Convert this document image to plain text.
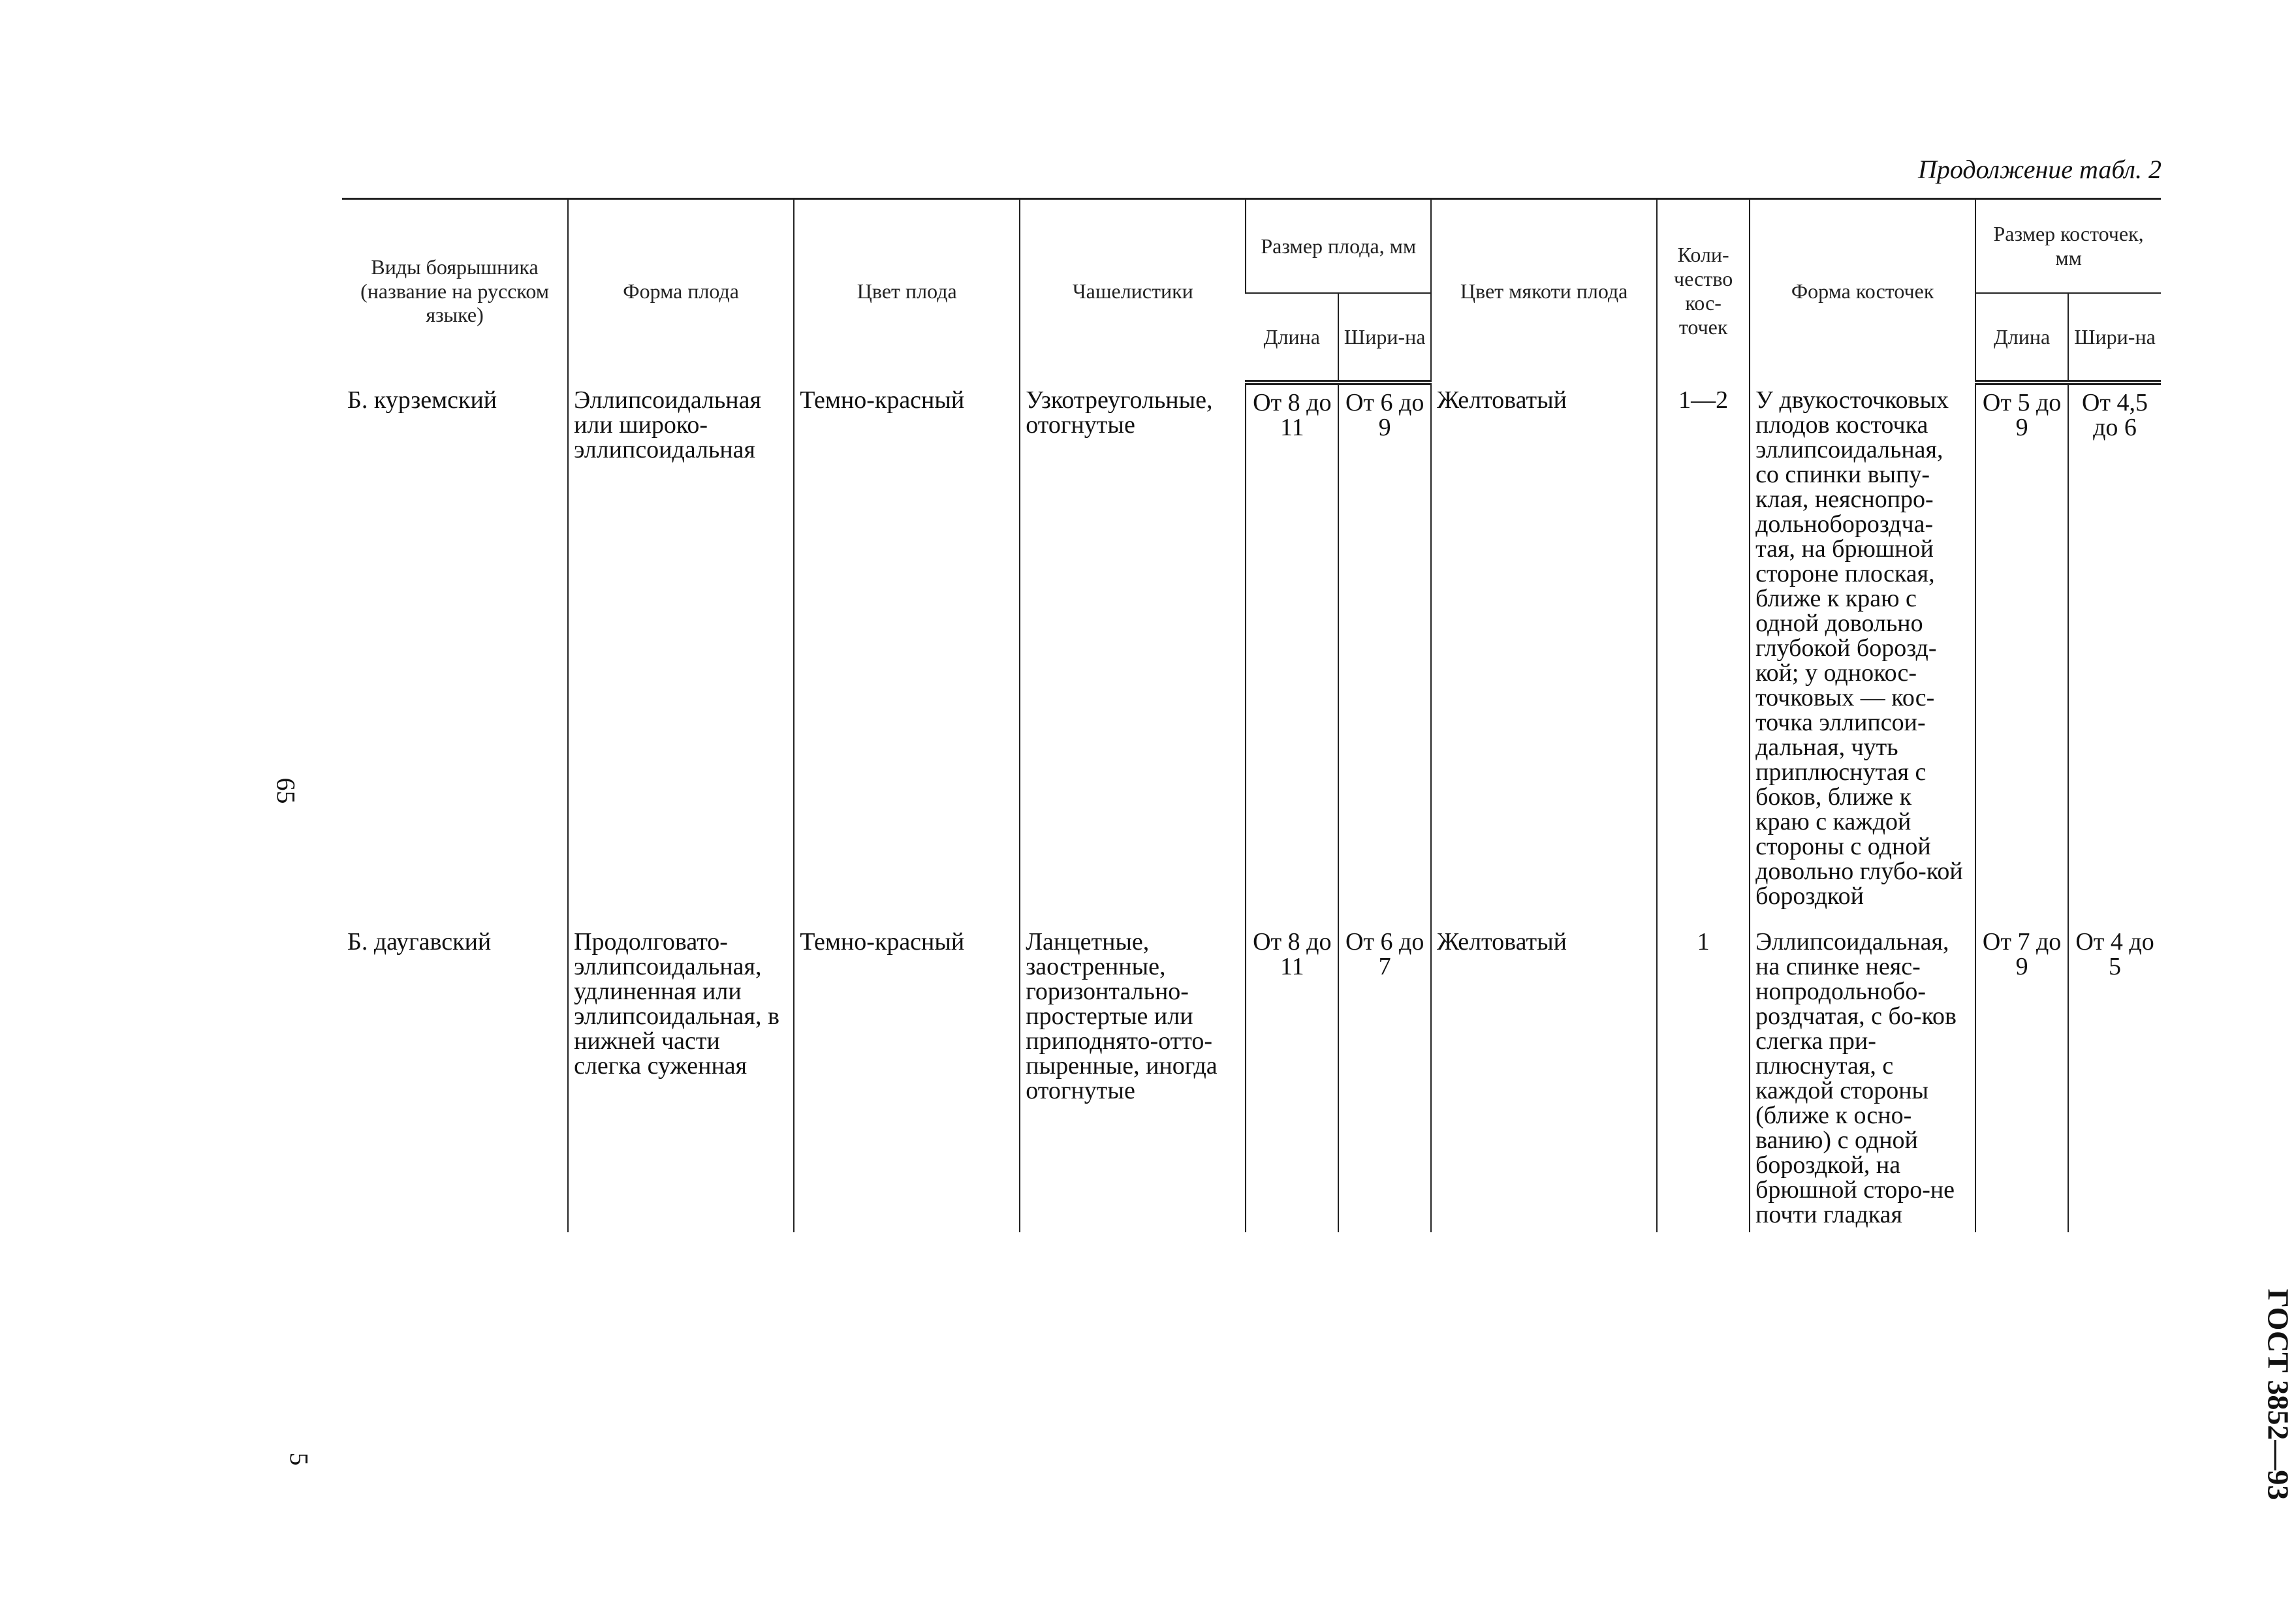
Продолжение табл. 2
65
5	ГОСТ 3852—93
Виды боярышника (название на русском языке)	Форма плода	Цвет плода	Чашелистики	Размер плода, мм		Цвет мякоти плода	Коли-чество кос-точек	Форма косточек	Размер косточек, мм	
				Длина	Шири-на				Длина	Шири-на
Б. курземский	Эллипсоидальная или широко-эллипсоидальная	Темно-красный	Узкотреугольные, отогнутые	От 8 до 11	От 6 до 9	Желтоватый	1—2	У двукосточковых плодов косточка эллипсоидальная, со спинки выпу-клая, неяснопро-дольнобороздча-тая, на брюшной стороне плоская, ближе к краю с одной довольно глубокой борозд-кой; у однокос-точковых — кос-точка эллипсои-дальная, чуть приплюснутая с боков, ближе к краю с каждой стороны с одной довольно глубо-кой бороздкой	От 5 до 9	От 4,5 до 6
Б. даугавский	Продолговато-эллипсоидальная, удлиненная или эллипсоидальная, в нижней части слегка суженная	Темно-красный	Ланцетные, заостренные, горизонтально-простертые или приподнято-отто-пыренные, иногда отогнутые	От 8 до 11	От 6 до 7	Желтоватый	1	Эллипсоидальная, на спинке неяс-нопродольнобо-роздчатая, с бо-ков слегка при-плюснутая, с каждой стороны (ближе к осно-ванию) с одной бороздкой, на брюшной сторо-не почти гладкая	От 7 до 9	От 4 до 5
